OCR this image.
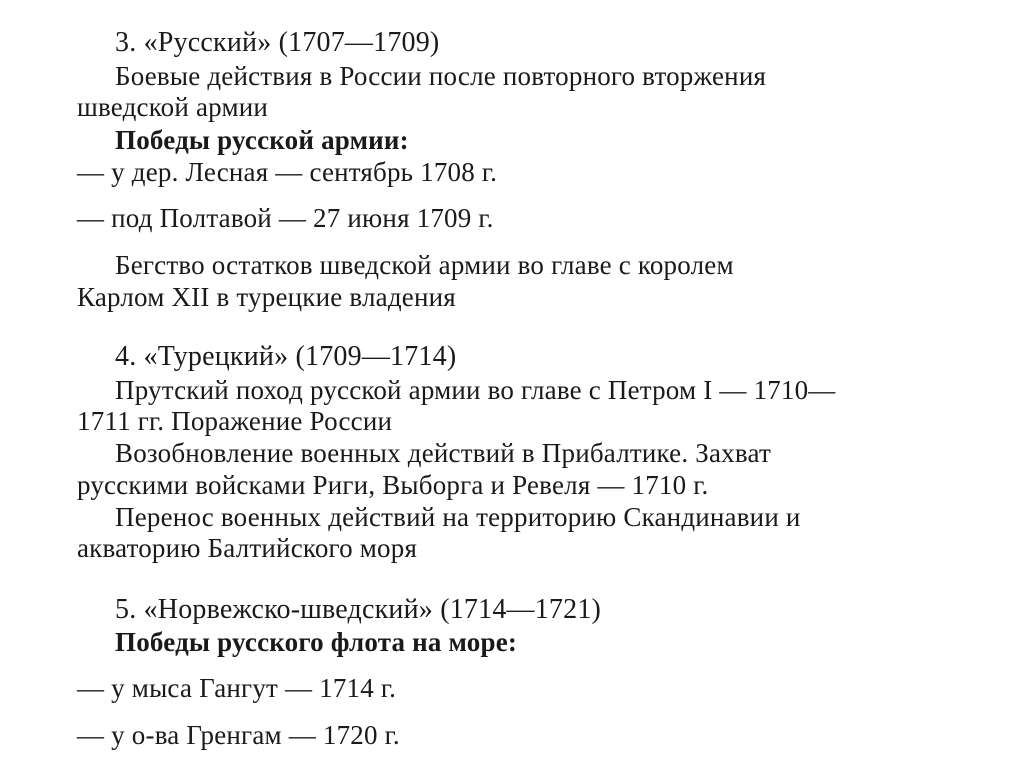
3. «Русский» (1707—1709)
Боевые действия в России после повторного вторжения
шведской армии
Победы русской армии:
— у дер. Лесная — сентябрь 1708 г.
— под Полтавой — 27 июня 1709 г.
Бегство остатков шведской армии во главе с королем
Карлом XII в турецкие владения
4. «Турецкий» (1709—1714)
Прутский поход русской армии во главе с Петром I — 1710—
1711 гг. Поражение России
Возобновление военных действий в Прибалтике. Захват
русскими войсками Риги, Выборга и Ревеля — 1710 г.
Перенос военных действий на территорию Скандинавии и
акваторию Балтийского моря
5. «Норвежско-шведский» (1714—1721)
Победы русского флота на море:
— у мыса Гангут — 1714 г.
— у о-ва Гренгам — 1720 г.
